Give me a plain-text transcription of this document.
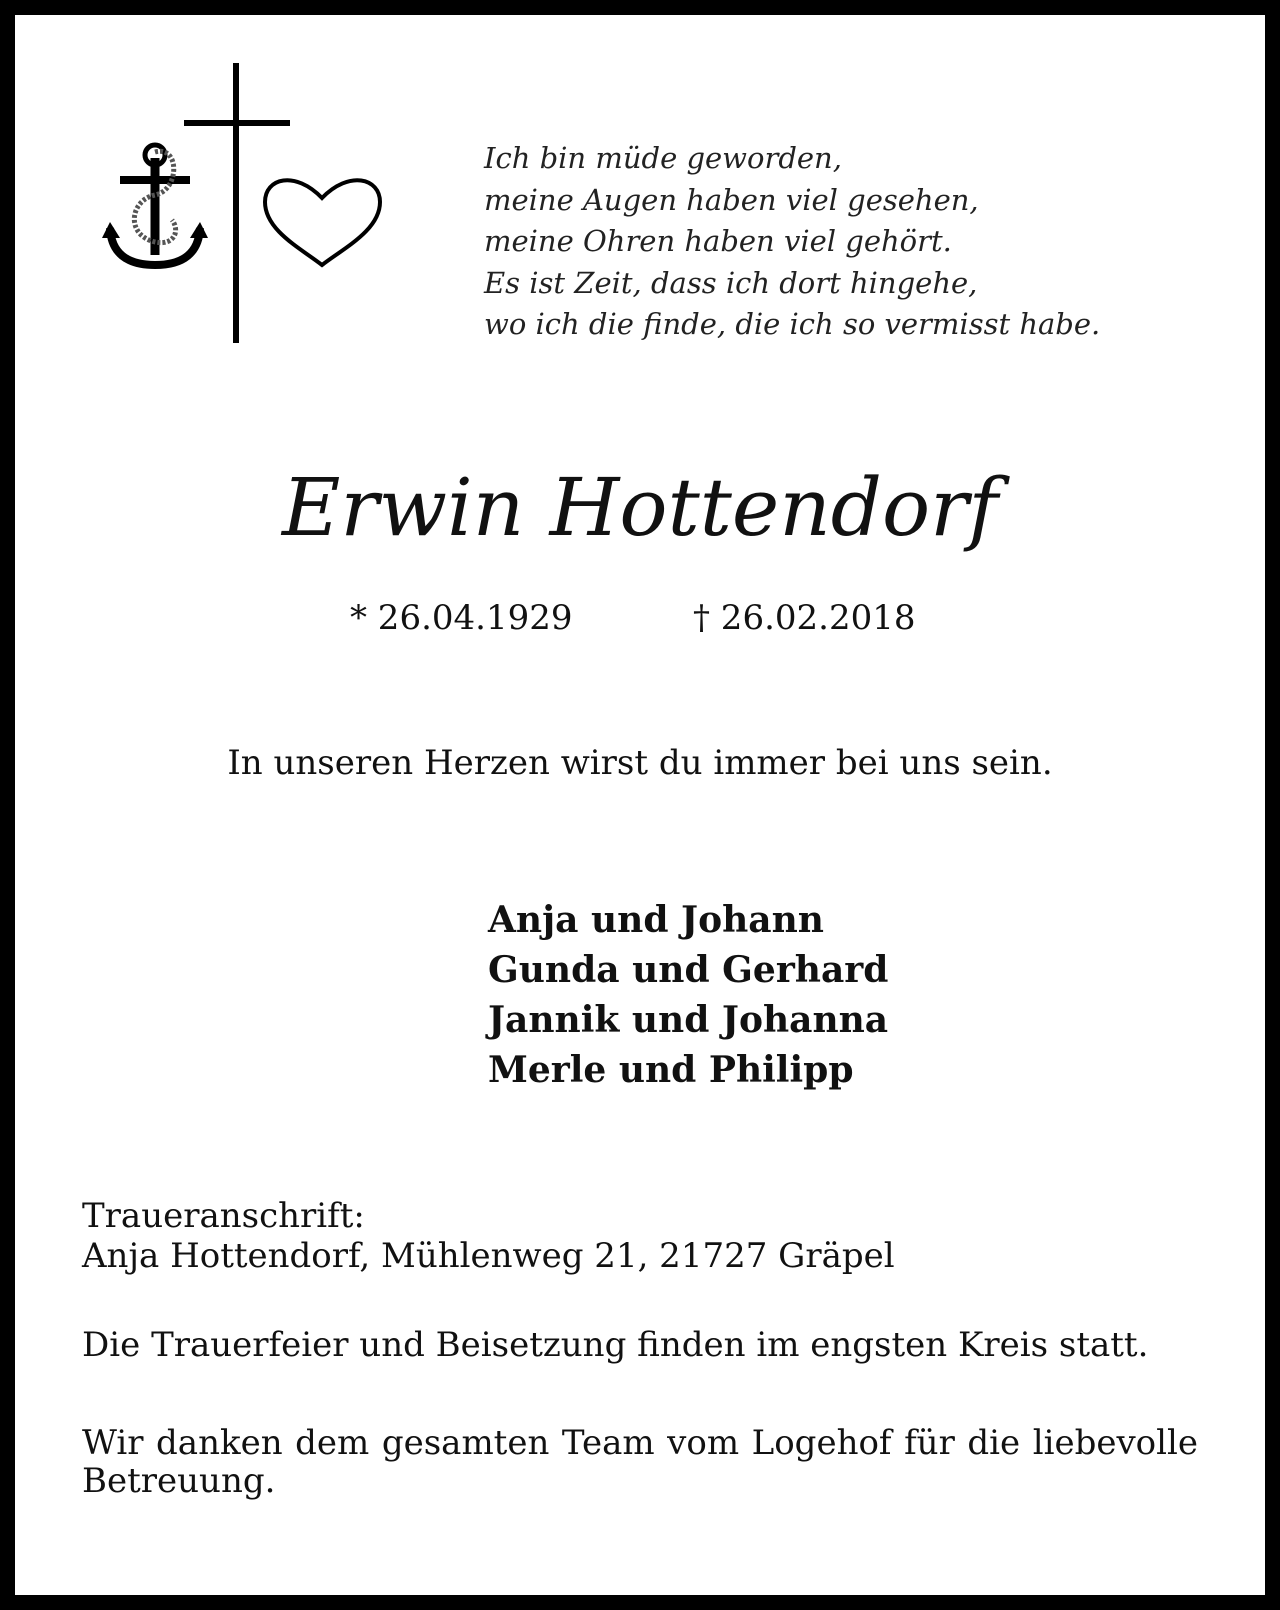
Ich bin müde geworden,
meine Augen haben viel gesehen,
meine Ohren haben viel gehört.
Es ist Zeit, dass ich dort hingehe,
wo ich die finde, die ich so vermisst habe.
Erwin Hottendorf
* 26.04.1929	† 26.02.2018
In unseren Herzen wirst du immer bei uns sein.
Anja und Johann
Gunda und Gerhard
Jannik und Johanna
Merle und Philipp
Traueranschrift:
Anja Hottendorf, Mühlenweg 21, 21727 Gräpel
Die Trauerfeier und Beisetzung finden im engsten Kreis statt.
Wir danken dem gesamten Team vom Logehof für die liebevolle Betreuung.
